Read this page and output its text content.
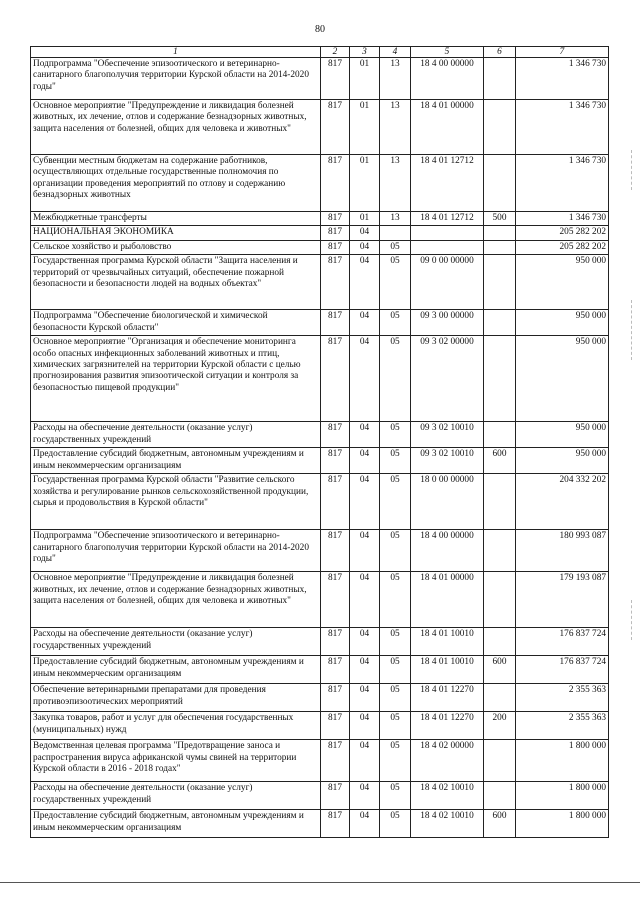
80
1	2	3	4	5	6	7
Подпрограмма "Обеспечение эпизоотического и ветеринарно-санитарного благополучия территории Курской области на 2014-2020 годы"	817	01	13	18 4 00 00000		1 346 730
Основное мероприятие "Предупреждение и ликвидация болезней животных, их лечение, отлов и содержание безнадзорных животных, защита населения от болезней, общих для человека и животных"	817	01	13	18 4 01 00000		1 346 730
Субвенции местным бюджетам на содержание работников, осуществляющих отдельные государственные полномочия по организации проведения мероприятий по отлову и содержанию безнадзорных животных	817	01	13	18 4 01 12712		1 346 730
Межбюджетные трансферты	817	01	13	18 4 01 12712	500	1 346 730
НАЦИОНАЛЬНАЯ ЭКОНОМИКА	817	04				205 282 202
Сельское хозяйство и рыболовство	817	04	05			205 282 202
Государственная программа Курской области "Защита населения и территорий от чрезвычайных ситуаций, обеспечение пожарной безопасности и безопасности людей на водных объектах"	817	04	05	09 0 00 00000		950 000
Подпрограмма "Обеспечение биологической и химической безопасности Курской области"	817	04	05	09 3 00 00000		950 000
Основное мероприятие "Организация и обеспечение мониторинга особо опасных инфекционных заболеваний животных и птиц, химических загрязнителей на территории Курской области с целью прогнозирования развития эпизоотической ситуации и контроля за безопасностью пищевой продукции"	817	04	05	09 3 02 00000		950 000
Расходы на обеспечение деятельности (оказание услуг) государственных учреждений	817	04	05	09 3 02 10010		950 000
Предоставление субсидий бюджетным, автономным учреждениям и иным некоммерческим организациям	817	04	05	09 3 02 10010	600	950 000
Государственная программа Курской области "Развитие сельского хозяйства и регулирование рынков сельскохозяйственной продукции, сырья и продовольствия в Курской области"	817	04	05	18 0 00 00000		204 332 202
Подпрограмма "Обеспечение эпизоотического и ветеринарно-санитарного благополучия территории Курской области на 2014-2020 годы"	817	04	05	18 4 00 00000		180 993 087
Основное мероприятие "Предупреждение и ликвидация болезней животных, их лечение, отлов и содержание безнадзорных животных, защита населения от болезней, общих для человека и животных"	817	04	05	18 4 01 00000		179 193 087
Расходы на обеспечение деятельности (оказание услуг) государственных учреждений	817	04	05	18 4 01 10010		176 837 724
Предоставление субсидий бюджетным, автономным учреждениям и иным некоммерческим организациям	817	04	05	18 4 01 10010	600	176 837 724
Обеспечение ветеринарными препаратами для проведения противоэпизоотических мероприятий	817	04	05	18 4 01 12270		2 355 363
Закупка товаров, работ и услуг для обеспечения государственных (муниципальных) нужд	817	04	05	18 4 01 12270	200	2 355 363
Ведомственная целевая программа "Предотвращение заноса и распространения вируса африканской чумы свиней на территории Курской области в 2016 - 2018 годах"	817	04	05	18 4 02 00000		1 800 000
Расходы на обеспечение деятельности (оказание услуг) государственных учреждений	817	04	05	18 4 02 10010		1 800 000
Предоставление субсидий бюджетным, автономным учреждениям и иным некоммерческим организациям	817	04	05	18 4 02 10010	600	1 800 000
